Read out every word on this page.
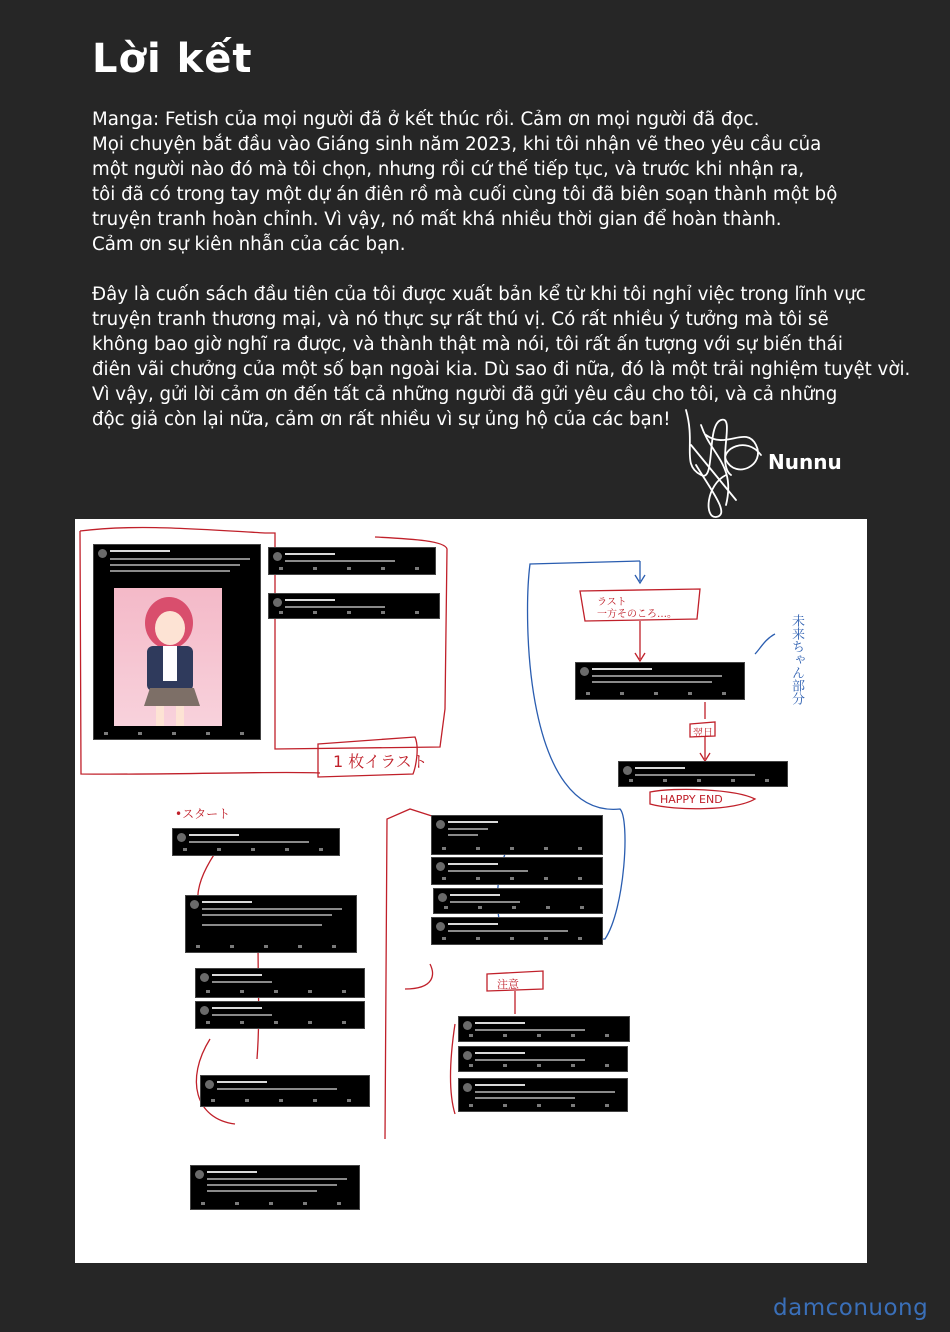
Lời kết

Manga: Fetish của mọi người đã ở kết thúc rồi. Cảm ơn mọi người đã đọc.
Mọi chuyện bắt đầu vào Giáng sinh năm 2023, khi tôi nhận vẽ theo yêu cầu của
một người nào đó mà tôi chọn, nhưng rồi cứ thế tiếp tục, và trước khi nhận ra,
tôi đã có trong tay một dự án điên rồ mà cuối cùng tôi đã biên soạn thành một bộ
truyện tranh hoàn chỉnh. Vì vậy, nó mất khá nhiều thời gian để hoàn thành.
Cảm ơn sự kiên nhẫn của các bạn.

Đây là cuốn sách đầu tiên của tôi được xuất bản kể từ khi tôi nghỉ việc trong lĩnh vực
truyện tranh thương mại, và nó thực sự rất thú vị. Có rất nhiều ý tưởng mà tôi sẽ
không bao giờ nghĩ ra được, và thành thật mà nói, tôi rất ấn tượng với sự biến thái
điên vãi chưởng của một số bạn ngoài kia. Dù sao đi nữa, đó là một trải nghiệm tuyệt vời.
Vì vậy, gửi lời cảm ơn đến tất cả những người đã gửi yêu cầu cho tôi, và cả những
độc giả còn lại nữa, cảm ơn rất nhiều vì sự ủng hộ của các bạn!

Nunnu
1 枚イラスト
•スタート
ラスト
一方そのころ…。
翌日
HAPPY END
注意
未来ちゃん部分
damconuong
